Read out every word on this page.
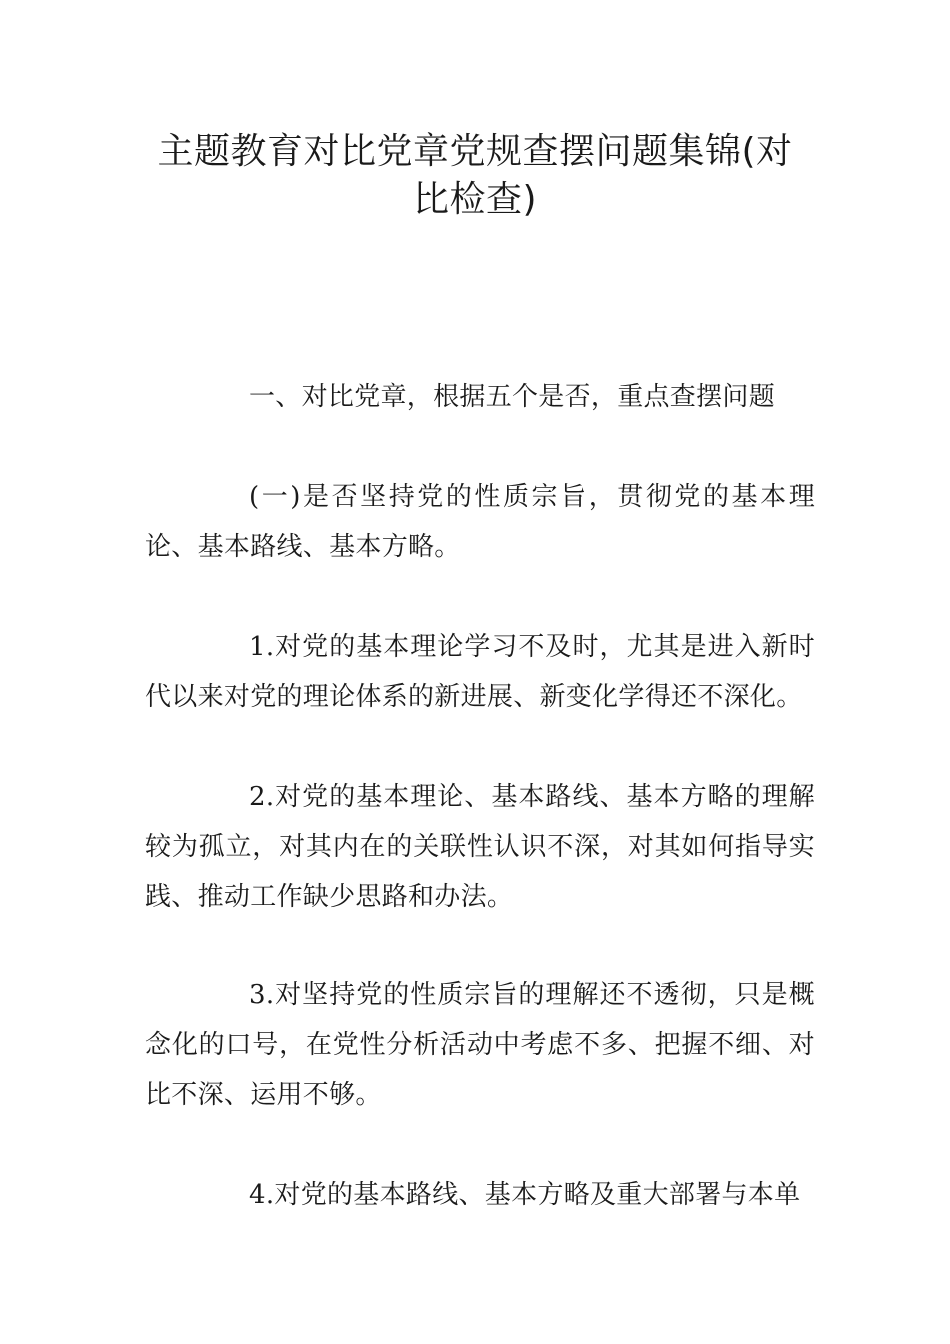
主题教育对比党章党规查摆问题集锦(对比检查)

一、对比党章，根据五个是否，重点查摆问题

(一)是否坚持党的性质宗旨，贯彻党的基本理论、基本路线、基本方略。

1.对党的基本理论学习不及时，尤其是进入新时代以来对党的理论体系的新进展、新变化学得还不深化。

2.对党的基本理论、基本路线、基本方略的理解较为孤立，对其内在的关联性认识不深，对其如何指导实践、推动工作缺少思路和办法。

3.对坚持党的性质宗旨的理解还不透彻，只是概念化的口号，在党性分析活动中考虑不多、把握不细、对比不深、运用不够。

4.对党的基本路线、基本方略及重大部署与本单
